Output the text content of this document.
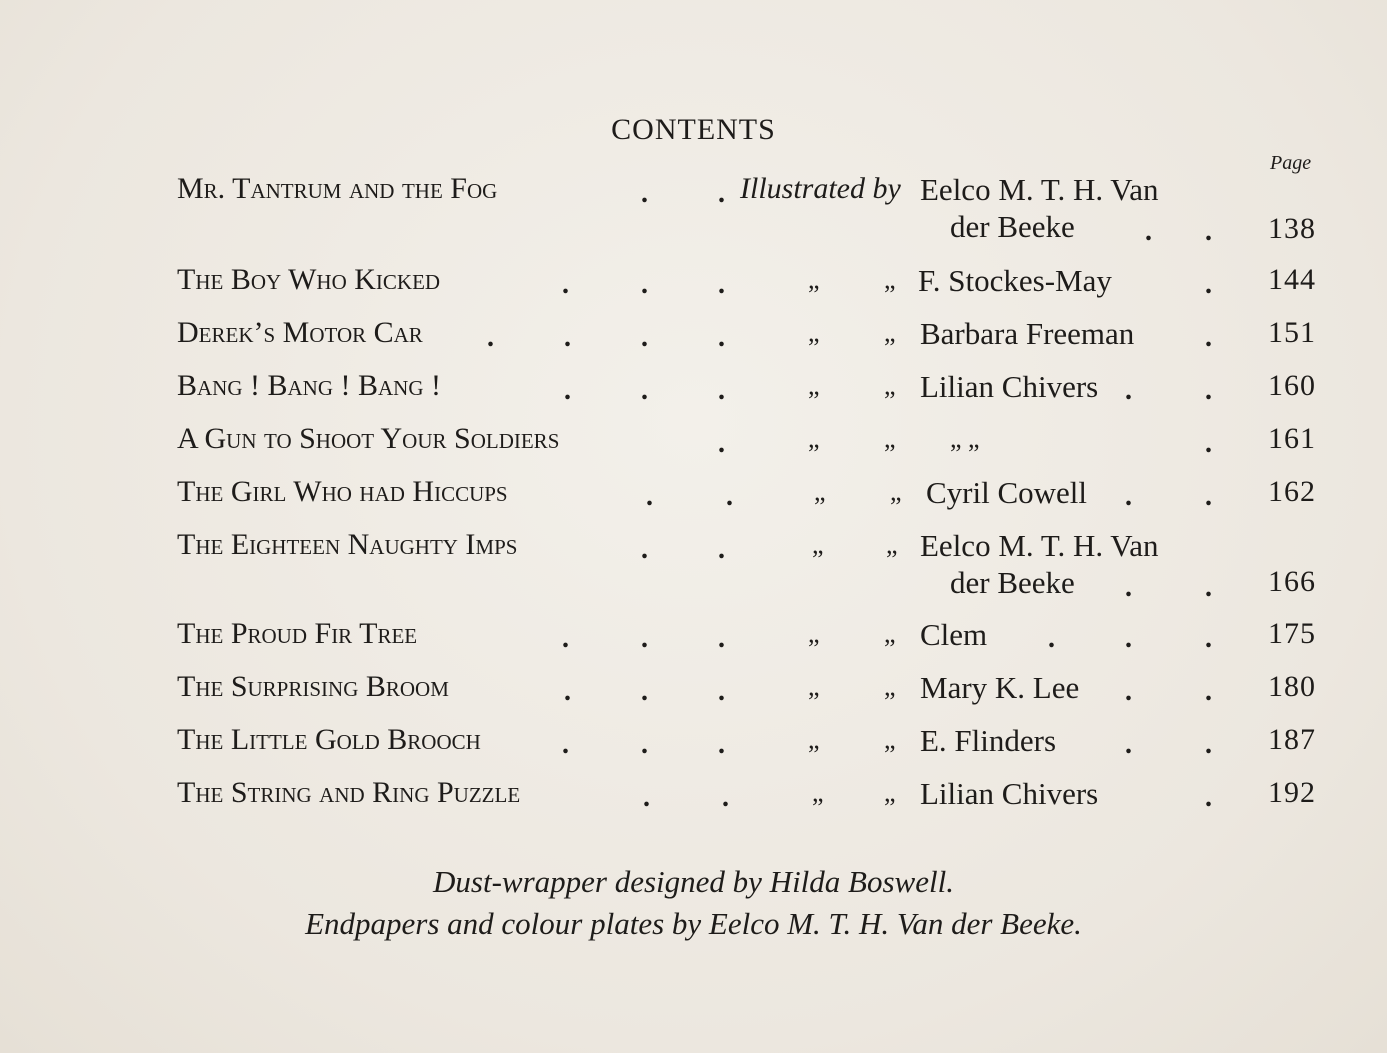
CONTENTS
Page
Mr. Tantrum and the Fog	.	. Illustrated by Eelco M. T. H. Van
der Beeke	. . 138
The Boy Who Kicked	.	.	.	„ „ F. Stockes-May	. 144
Derek’s Motor Car .	.	.	.	„ „ Barbara Freeman	. 151
Bang ! Bang ! Bang !	.	.	.	„ „ Lilian Chivers .	. 160
A Gun to Shoot Your Soldiers	.	„ „ „ „	. 161
The Girl Who had Hiccups	.	.	„ „ Cyril Cowell .	. 162
The Eighteen Naughty Imps	.	.	„ „ Eelco M. T. H. Van
der Beeke .	. 166
The Proud Fir Tree	.	.	.	„ „ Clem .	.	. 175
The Surprising Broom	.	.	.	„ „ Mary K. Lee .	. 180
The Little Gold Brooch	.	.	.	„ „ E. Flinders .	. 187
The String and Ring Puzzle	.	.	„ „ Lilian Chivers	. 192
Dust-wrapper designed by Hilda Boswell.
Endpapers and colour plates by Eelco M. T. H. Van der Beeke.
